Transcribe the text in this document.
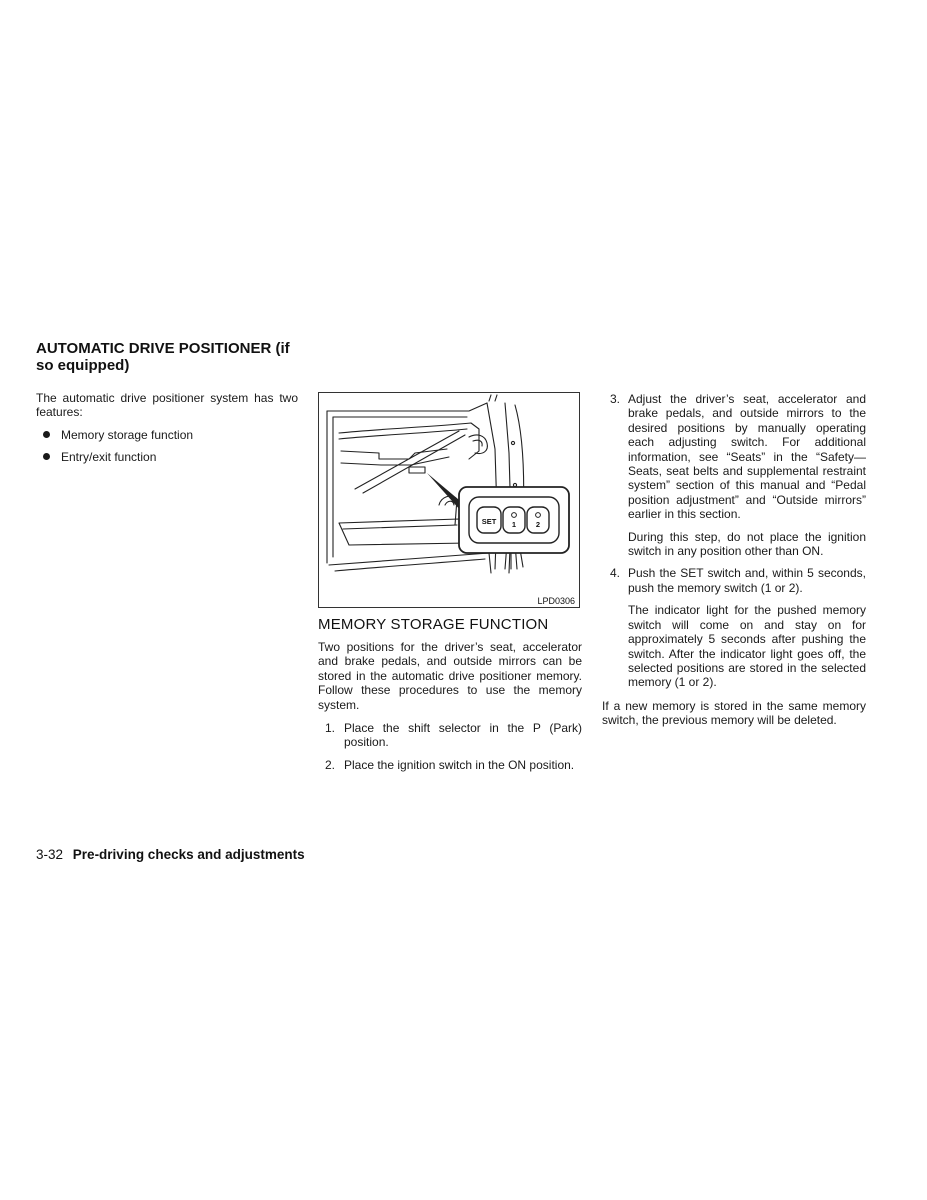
AUTOMATIC DRIVE POSITIONER (if so equipped)

The automatic drive positioner system has two features:

Memory storage function
Entry/exit function
SET 1	2
LPD0306
MEMORY STORAGE FUNCTION

Two positions for the driver’s seat, accelerator and brake pedals, and outside mirrors can be stored in the automatic drive positioner memory. Follow these procedures to use the memory system.

1. Place the shift selector in the P (Park) position.
2. Place the ignition switch in the ON position.
3. Adjust the driver’s seat, accelerator and brake pedals, and outside mirrors to the desired positions by manually operating each adjusting switch. For additional information, see “Seats” in the “Safety—Seats, seat belts and supplemental restraint system” section of this manual and “Pedal position adjustment” and “Outside mirrors” earlier in this section.
During this step, do not place the ignition switch in any position other than ON.
4. Push the SET switch and, within 5 seconds, push the memory switch (1 or 2).
The indicator light for the pushed memory switch will come on and stay on for approximately 5 seconds after pushing the switch. After the indicator light goes off, the selected positions are stored in the selected memory (1 or 2).

If a new memory is stored in the same memory switch, the previous memory will be deleted.

3-32 Pre-driving checks and adjustments
